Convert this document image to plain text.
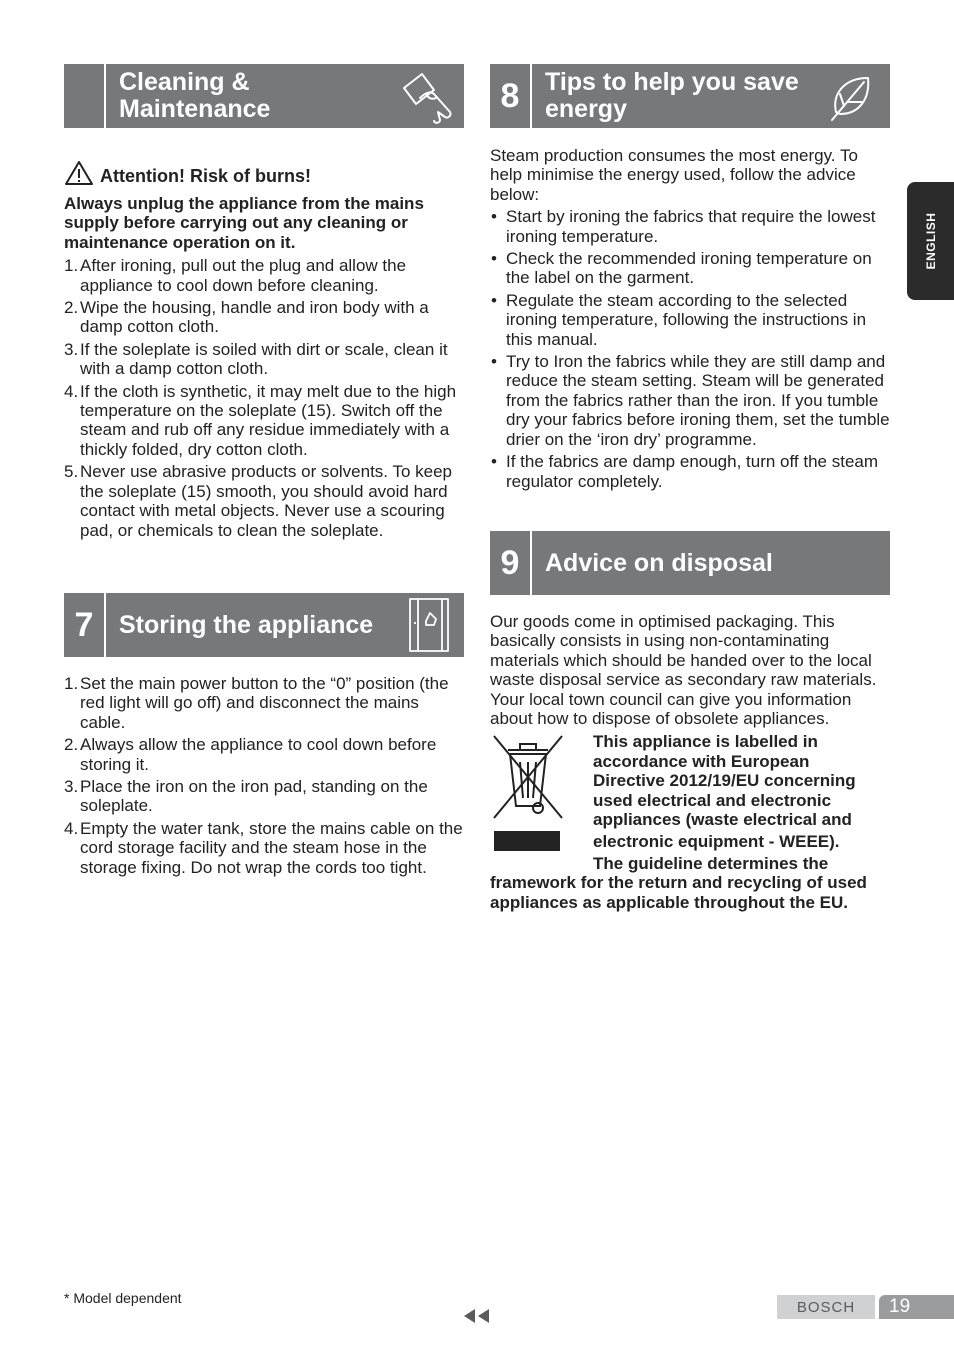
ENGLISH
Cleaning &
Maintenance
Attention! Risk of burns!

Always unplug the appliance from the mains supply before carrying out any cleaning or maintenance operation on it.

1. After ironing, pull out the plug and allow the appliance to cool down before cleaning.
2. Wipe the housing, handle and iron body with a damp cotton cloth.
3. If the soleplate is soiled with dirt or scale, clean it with a damp cotton cloth.
4. If the cloth is synthetic, it may melt due to the high temperature on the soleplate (15). Switch off the steam and rub off any residue immediately with a thickly folded, dry cotton cloth.
5. Never use abrasive products or solvents. To keep the soleplate (15) smooth, you should avoid hard contact with metal objects. Never use a scouring pad, or chemicals to clean the soleplate.
7	Storing the appliance
1. Set the main power button to the “0” position (the red light will go off) and disconnect the mains cable.
2. Always allow the appliance to cool down before storing it.
3. Place the iron on the iron pad, standing on the soleplate.
4. Empty the water tank, store the mains cable on the cord storage facility and the steam hose in the storage fixing. Do not wrap the cords too tight.
8	Tips to help you save
energy

Steam production consumes the most energy. To help minimise the energy used, follow the advice below:

• Start by ironing the fabrics that require the lowest ironing temperature.
• Check the recommended ironing temperature on the label on the garment.
• Regulate the steam according to the selected ironing temperature, following the instructions in this manual.
• Try to Iron the fabrics while they are still damp and reduce the steam setting. Steam will be generated from the fabrics rather than the iron. If you tumble dry your fabrics before ironing them, set the tumble drier on the ‘iron dry’ programme.
• If the fabrics are damp enough, turn off the steam regulator completely.
9	Advice on disposal

Our goods come in optimised packaging. This basically consists in using non-contaminating materials which should be handed over to the local waste disposal service as secondary raw materials. Your local town council can give you information about how to dispose of obsolete appliances.

This appliance is labelled in
accordance with European
Directive 2012/19/EU concerning
used electrical and electronic
appliances (waste electrical and
electronic equipment - WEEE).
The guideline determines the

framework for the return and recycling of used appliances as applicable throughout the EU.

* Model dependent
BOSCH 19
